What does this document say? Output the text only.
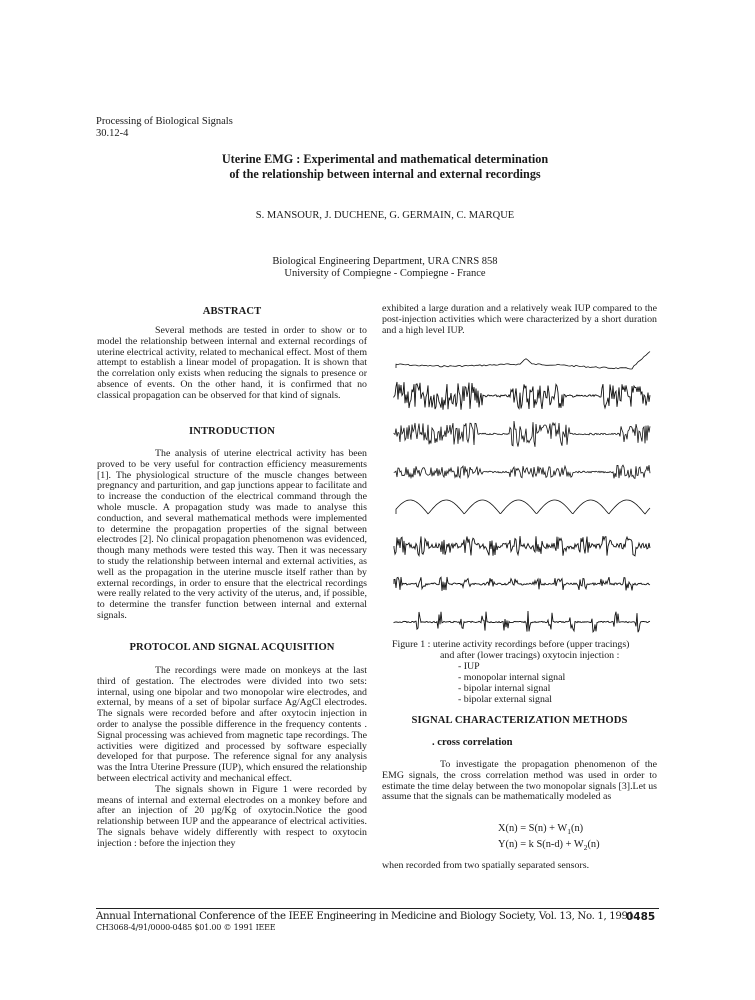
Processing of Biological Signals
30.12-4
Uterine EMG : Experimental and mathematical determination
of the relationship between internal and external recordings
S. MANSOUR, J. DUCHENE, G. GERMAIN, C. MARQUE
Biological Engineering Department, URA CNRS 858
University of Compiegne - Compiegne - France
ABSTRACT

Several methods are tested in order to show or to model the relationship between internal and external recordings of uterine electrical activity, related to mechanical effect. Most of them attempt to establish a linear model of propagation. It is shown that the correlation only exists when reducing the signals to presence or absence of events. On the other hand, it is confirmed that no classical propagation can be observed for that kind of signals.

INTRODUCTION

The analysis of uterine electrical activity has been proved to be very useful for contraction efficiency measurements [1]. The physiological structure of the muscle changes between pregnancy and parturition, and gap junctions appear to facilitate and to increase the conduction of the electrical command through the whole muscle. A propagation study was made to analyse this conduction, and several mathematical methods were implemented to determine the propagation properties of the signal between electrodes [2]. No clinical propagation phenomenon was evidenced, though many methods were tested this way. Then it was necessary to study the relationship between internal and external activities, as well as the propagation in the uterine muscle itself rather than by external recordings, in order to ensure that the electrical recordings were really related to the very activity of the uterus, and, if possible, to determine the transfer function between internal and external signals.

PROTOCOL AND SIGNAL ACQUISITION

The recordings were made on monkeys at the last third of gestation. The electrodes were divided into two sets: internal, using one bipolar and two monopolar wire electrodes, and external, by means of a set of bipolar surface Ag/AgCl electrodes. The signals were recorded before and after oxytocin injection in order to analyse the possible difference in the frequency contents . Signal processing was achieved from magnetic tape recordings. The activities were digitized and processed by software especially developed for that purpose. The reference signal for any analysis was the Intra Uterine Pressure (IUP), which ensured the relationship between electrical activity and mechanical effect.

The signals shown in Figure 1 were recorded by means of internal and external electrodes on a monkey before and after an injection of 20 µg/Kg of oxytocin.Notice the good relationship between IUP and the appearance of electrical activities. The signals behave widely differently with respect to oxytocin injection : before the injection they

exhibited a large duration and a relatively weak IUP compared to the post-injection activities which were characterized by a short duration and a high level IUP.

Figure 1 : uterine activity recordings before (upper tracings)
and after (lower tracings) oxytocin injection :
- IUP
- monopolar internal signal
- bipolar internal signal
- bipolar external signal
SIGNAL CHARACTERIZATION METHODS
. cross correlation

To investigate the propagation phenomenon of the EMG signals, the cross correlation method was used in order to estimate the time delay between the two monopolar signals [3].Let us assume that the signals can be mathematically modeled as

$X(n) = S(n) + W_1(n)$
Y(n) = k $S(n-d) + W_2(n)$

when recorded from two spatially separated sensors.

Annual International Conference of the IEEE Engineering in Medicine and Biology Society, Vol. 13, No. 1, 1991
CH3068-4/91/0000-0485 $01.00 © 1991 IEEE
0485
